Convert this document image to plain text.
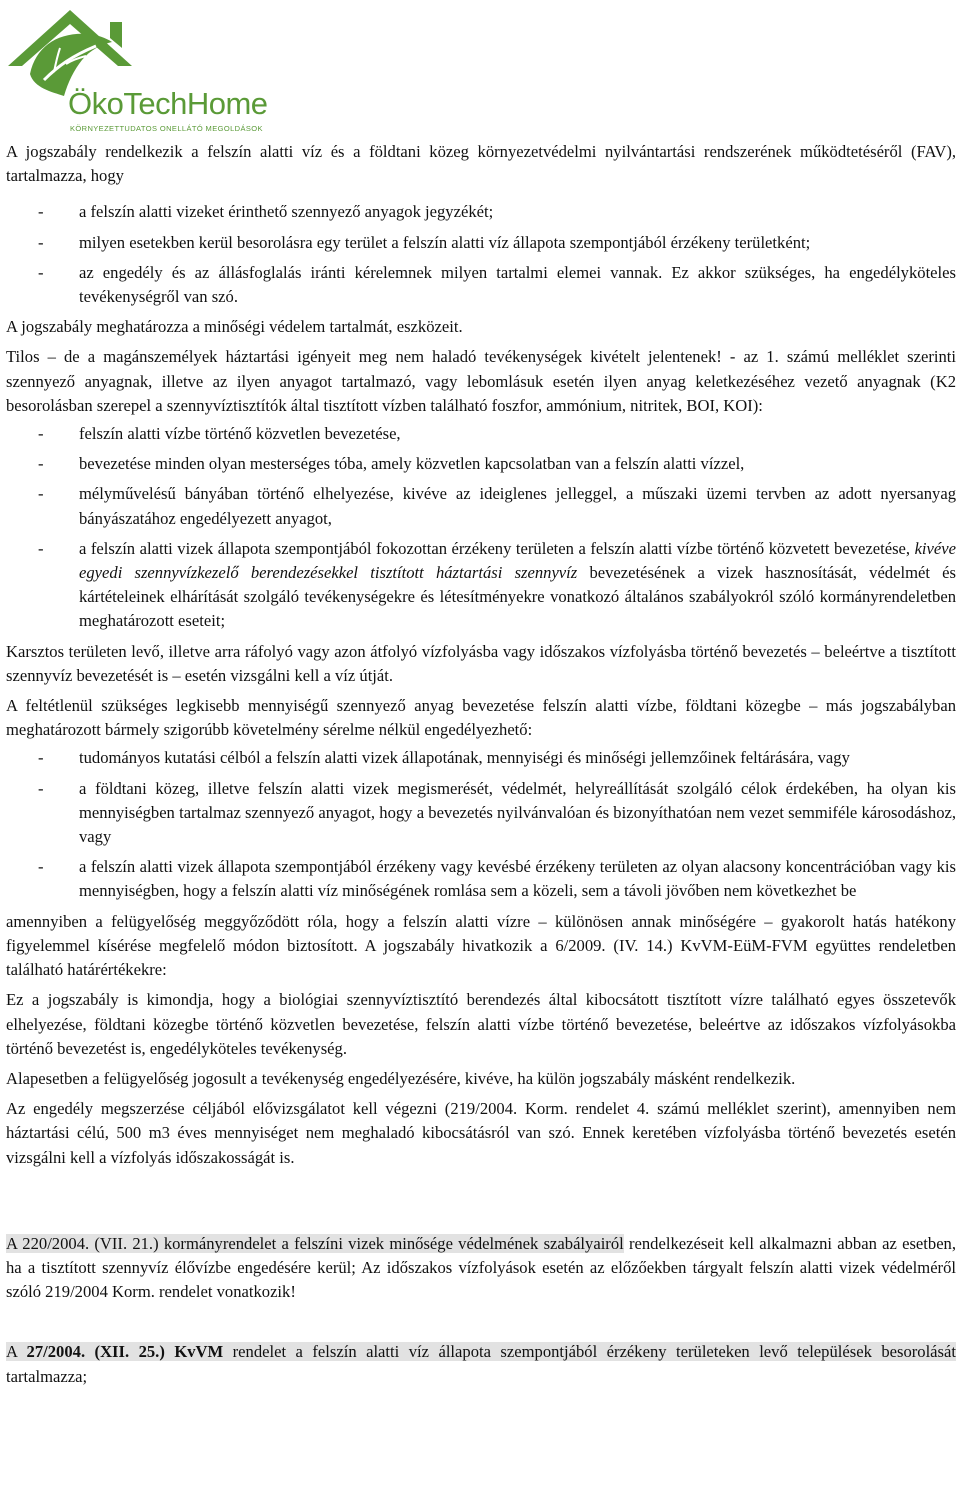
ÖkoTechHome
KÖRNYEZETTUDATOS ONELLÁTÓ MEGOLDÁSOK

A jogszabály rendelkezik a felszín alatti víz és a földtani közeg környezetvédelmi nyilvántartási rendszerének működtetéséről (FAV), tartalmazza, hogy

- a felszín alatti vizeket érinthető szennyező anyagok jegyzékét;
- milyen esetekben kerül besorolásra egy terület a felszín alatti víz állapota szempontjából érzékeny területként;
- az engedély és az állásfoglalás iránti kérelemnek milyen tartalmi elemei vannak. Ez akkor szükséges, ha engedélyköteles tevékenységről van szó.

A jogszabály meghatározza a minőségi védelem tartalmát, eszközeit.

Tilos – de a magánszemélyek háztartási igényeit meg nem haladó tevékenységek kivételt jelentenek! - az 1. számú melléklet szerinti szennyező anyagnak, illetve az ilyen anyagot tartalmazó, vagy lebomlásuk esetén ilyen anyag keletkezéséhez vezető anyagnak (K2 besorolásban szerepel a szennyvíztisztítók által tisztított vízben található foszfor, ammónium, nitritek, BOI, KOI):

- felszín alatti vízbe történő közvetlen bevezetése,
- bevezetése minden olyan mesterséges tóba, amely közvetlen kapcsolatban van a felszín alatti vízzel,
- mélyművelésű bányában történő elhelyezése, kivéve az ideiglenes jelleggel, a műszaki üzemi tervben az adott nyersanyag bányászatához engedélyezett anyagot,
- a felszín alatti vizek állapota szempontjából fokozottan érzékeny területen a felszín alatti vízbe történő közvetett bevezetése, kivéve egyedi szennyvízkezelő berendezésekkel tisztított háztartási szennyvíz bevezetésének a vizek hasznosítását, védelmét és kártételeinek elhárítását szolgáló tevékenységekre és létesítményekre vonatkozó általános szabályokról szóló kormányrendeletben meghatározott eseteit;

Karsztos területen levő, illetve arra ráfolyó vagy azon átfolyó vízfolyásba vagy időszakos vízfolyásba történő bevezetés – beleértve a tisztított szennyvíz bevezetését is – esetén vizsgálni kell a víz útját.

A feltétlenül szükséges legkisebb mennyiségű szennyező anyag bevezetése felszín alatti vízbe, földtani közegbe – más jogszabályban meghatározott bármely szigorúbb követelmény sérelme nélkül engedélyezhető:

- tudományos kutatási célból a felszín alatti vizek állapotának, mennyiségi és minőségi jellemzőinek feltárására, vagy
- a földtani közeg, illetve felszín alatti vizek megismerését, védelmét, helyreállítását szolgáló célok érdekében, ha olyan kis mennyiségben tartalmaz szennyező anyagot, hogy a bevezetés nyilvánvalóan és bizonyíthatóan nem vezet semmiféle károsodáshoz, vagy
- a felszín alatti vizek állapota szempontjából érzékeny vagy kevésbé érzékeny területen az olyan alacsony koncentrációban vagy kis mennyiségben, hogy a felszín alatti víz minőségének romlása sem a közeli, sem a távoli jövőben nem következhet be

amennyiben a felügyelőség meggyőződött róla, hogy a felszín alatti vízre – különösen annak minőségére – gyakorolt hatás hatékony figyelemmel kísérése megfelelő módon biztosított. A jogszabály hivatkozik a 6/2009. (IV. 14.) KvVM-EüM-FVM együttes rendeletben található határértékekre:

Ez a jogszabály is kimondja, hogy a biológiai szennyvíztisztító berendezés által kibocsátott tisztított vízre található egyes összetevők elhelyezése, földtani közegbe történő közvetlen bevezetése, felszín alatti vízbe történő bevezetése, beleértve az időszakos vízfolyásokba történő bevezetést is, engedélyköteles tevékenység.

Alapesetben a felügyelőség jogosult a tevékenység engedélyezésére, kivéve, ha külön jogszabály másként rendelkezik.

Az engedély megszerzése céljából elővizsgálatot kell végezni (219/2004. Korm. rendelet 4. számú melléklet szerint), amennyiben nem háztartási célú, 500 m3 éves mennyiséget nem meghaladó kibocsátásról van szó. Ennek keretében vízfolyásba történő bevezetés esetén vizsgálni kell a vízfolyás időszakosságát is.

A 220/2004. (VII. 21.) kormányrendelet a felszíni vizek minősége védelmének szabályairól rendelkezéseit kell alkalmazni abban az esetben, ha a tisztított szennyvíz élővízbe engedésére kerül; Az időszakos vízfolyások esetén az előzőekben tárgyalt felszín alatti vizek védelméről szóló 219/2004 Korm. rendelet vonatkozik!

A 27/2004. (XII. 25.) KvVM rendelet a felszín alatti víz állapota szempontjából érzékeny területeken levő települések besorolását tartalmazza;
